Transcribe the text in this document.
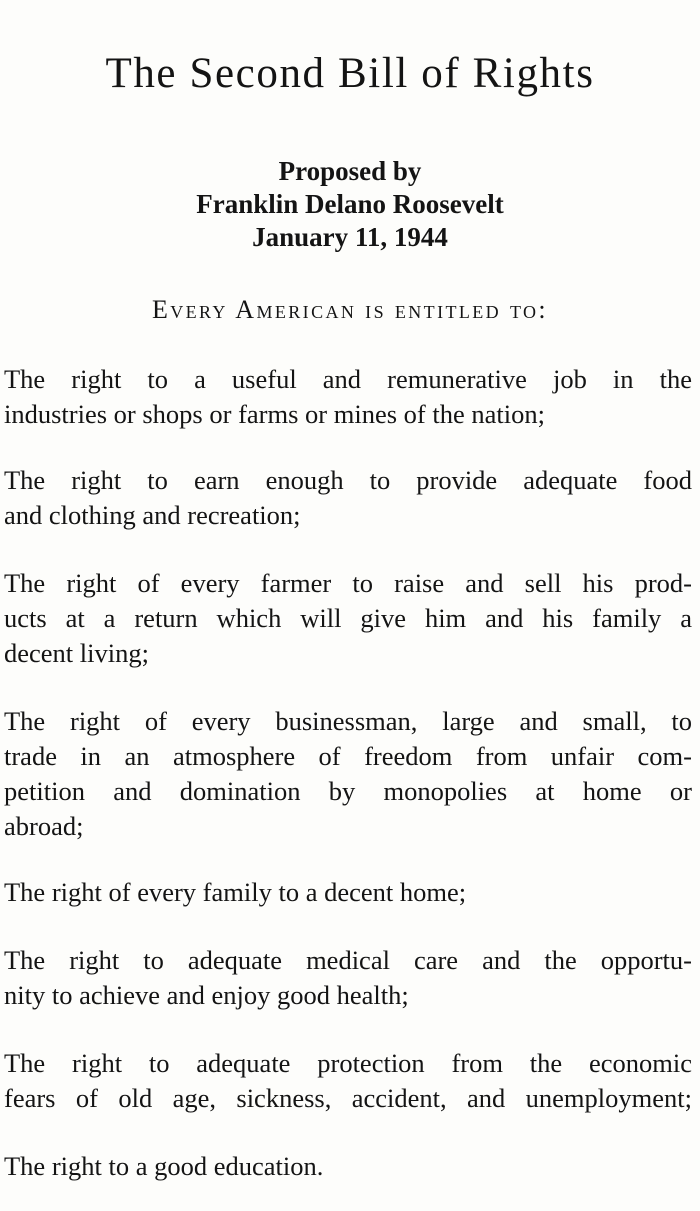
The Second Bill of Rights
Proposed by
Franklin Delano Roosevelt
January 11, 1944
Every American is entitled to:
The right to a useful and remunerative job in the
industries or shops or farms or mines of the nation;
The right to earn enough to provide adequate food
and clothing and recreation;
The right of every farmer to raise and sell his prod-
ucts at a return which will give him and his family a
decent living;
The right of every businessman, large and small, to
trade in an atmosphere of freedom from unfair com-
petition and domination by monopolies at home or
abroad;
The right of every family to a decent home;
The right to adequate medical care and the opportu-
nity to achieve and enjoy good health;
The right to adequate protection from the economic
fears of old age, sickness, accident, and unemployment;
The right to a good education.
